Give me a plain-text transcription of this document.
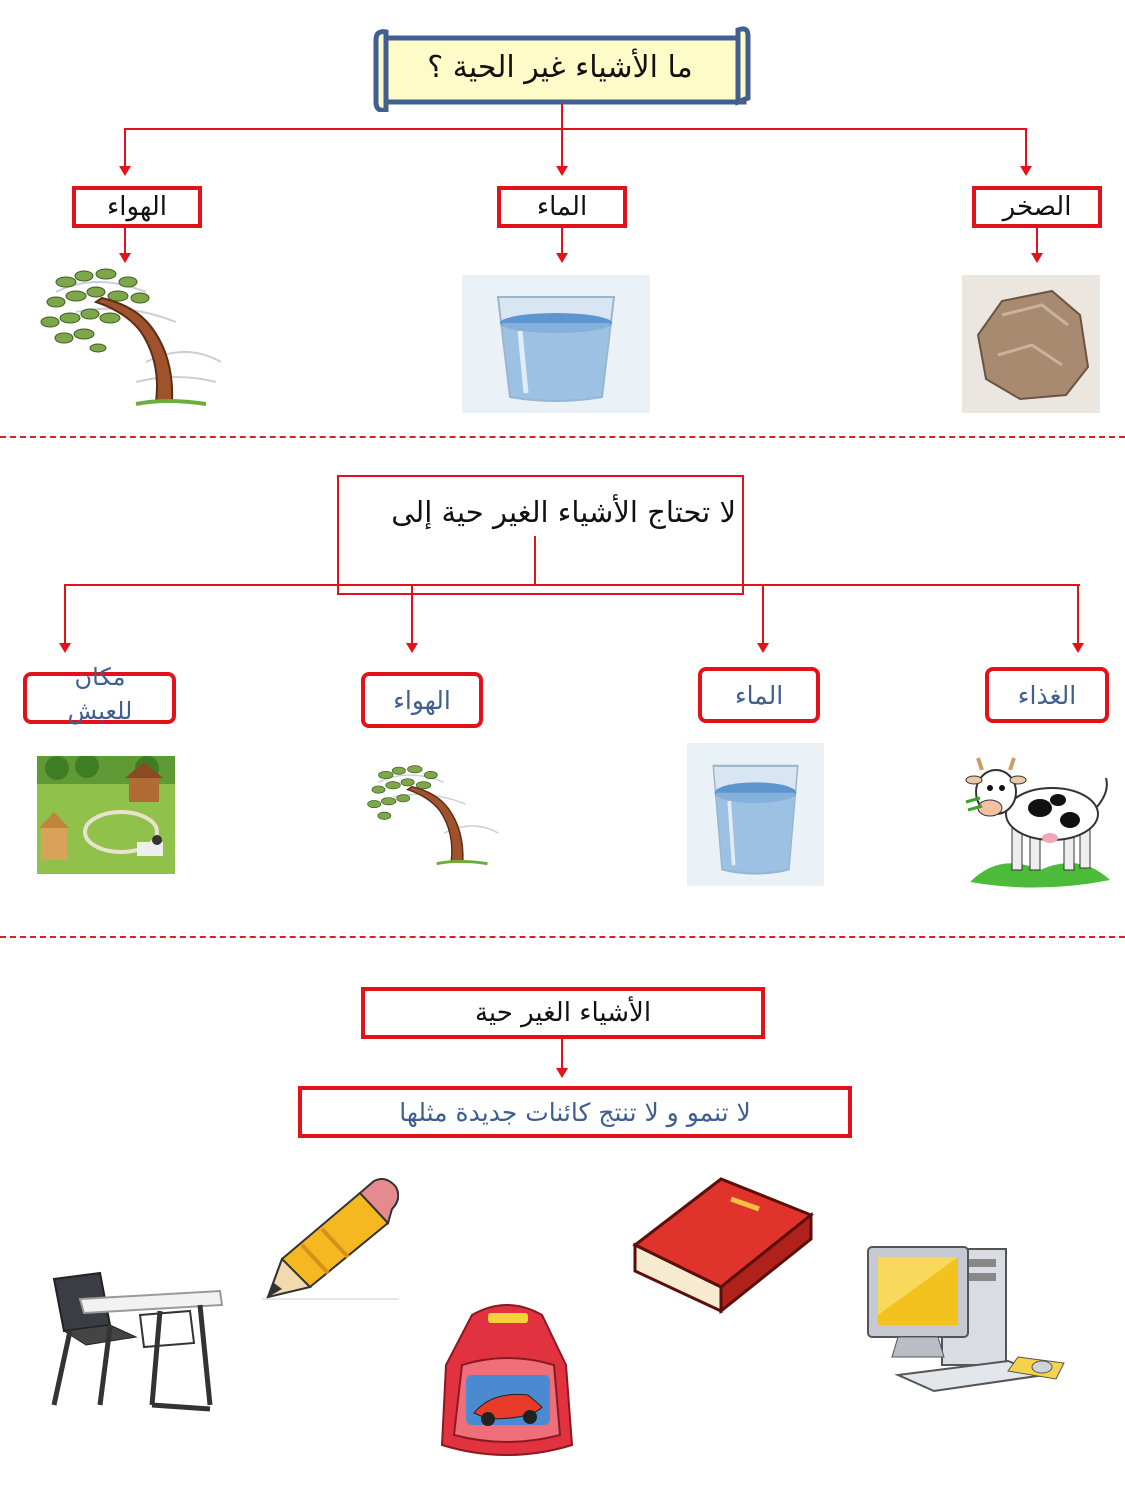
ما الأشياء غير الحية ؟
الهواء	الماء	الصخر
لا تحتاج الأشياء الغير حية إلى
مكان للعيش	الهواء	الماء	الغذاء
الأشياء الغير حية
لا تنمو و لا تنتج كائنات جديدة مثلها
